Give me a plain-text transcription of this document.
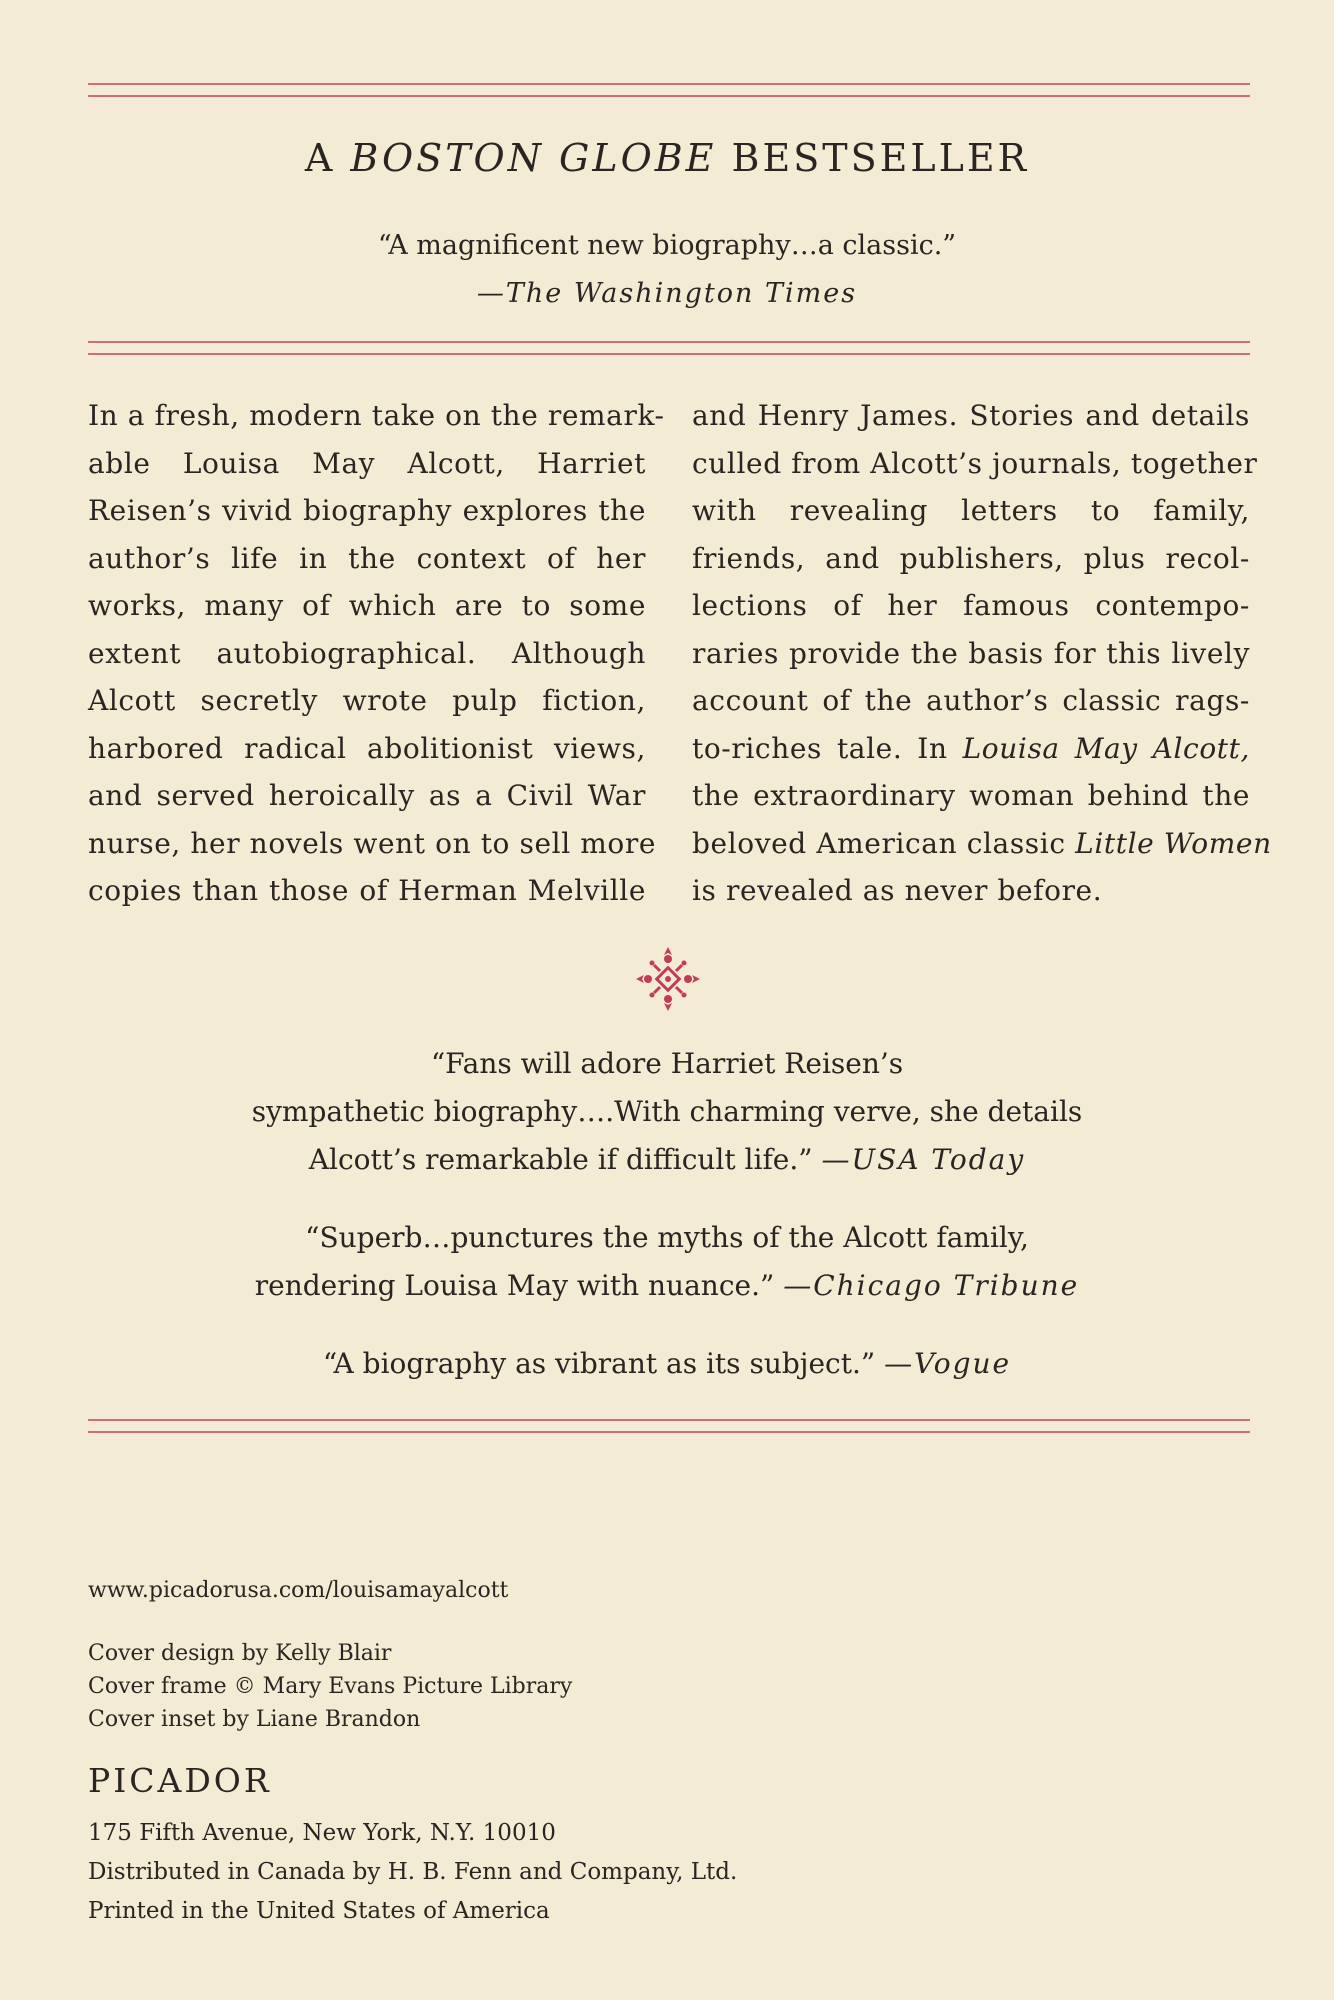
A BOSTON GLOBE BESTSELLER
“A magnificent new biography…a classic.”
—The Washington Times
In a fresh, modern take on the remark-
able Louisa May Alcott, Harriet
Reisen’s vivid biography explores the
author’s life in the context of her
works, many of which are to some
extent autobiographical. Although
Alcott secretly wrote pulp fiction,
harbored radical abolitionist views,
and served heroically as a Civil War
nurse, her novels went on to sell more
copies than those of Herman Melville
and Henry James. Stories and details
culled from Alcott’s journals, together
with revealing letters to family,
friends, and publishers, plus recol-
lections of her famous contempo-
raries provide the basis for this lively
account of the author’s classic rags-
to-riches tale. In Louisa May Alcott,
the extraordinary woman behind the
beloved American classic Little Women
is revealed as never before.

“Fans will adore Harriet Reisen’s

sympathetic biography….With charming verve, she details

Alcott’s remarkable if difficult life.” —USA Today

“Superb…punctures the myths of the Alcott family,

rendering Louisa May with nuance.” —Chicago Tribune

“A biography as vibrant as its subject.” —Vogue

www.picadorusa.com/louisamayalcott
Cover design by Kelly Blair
Cover frame © Mary Evans Picture Library
Cover inset by Liane Brandon
PICADOR
175 Fifth Avenue, New York, N.Y. 10010
Distributed in Canada by H. B. Fenn and Company, Ltd.
Printed in the United States of America
